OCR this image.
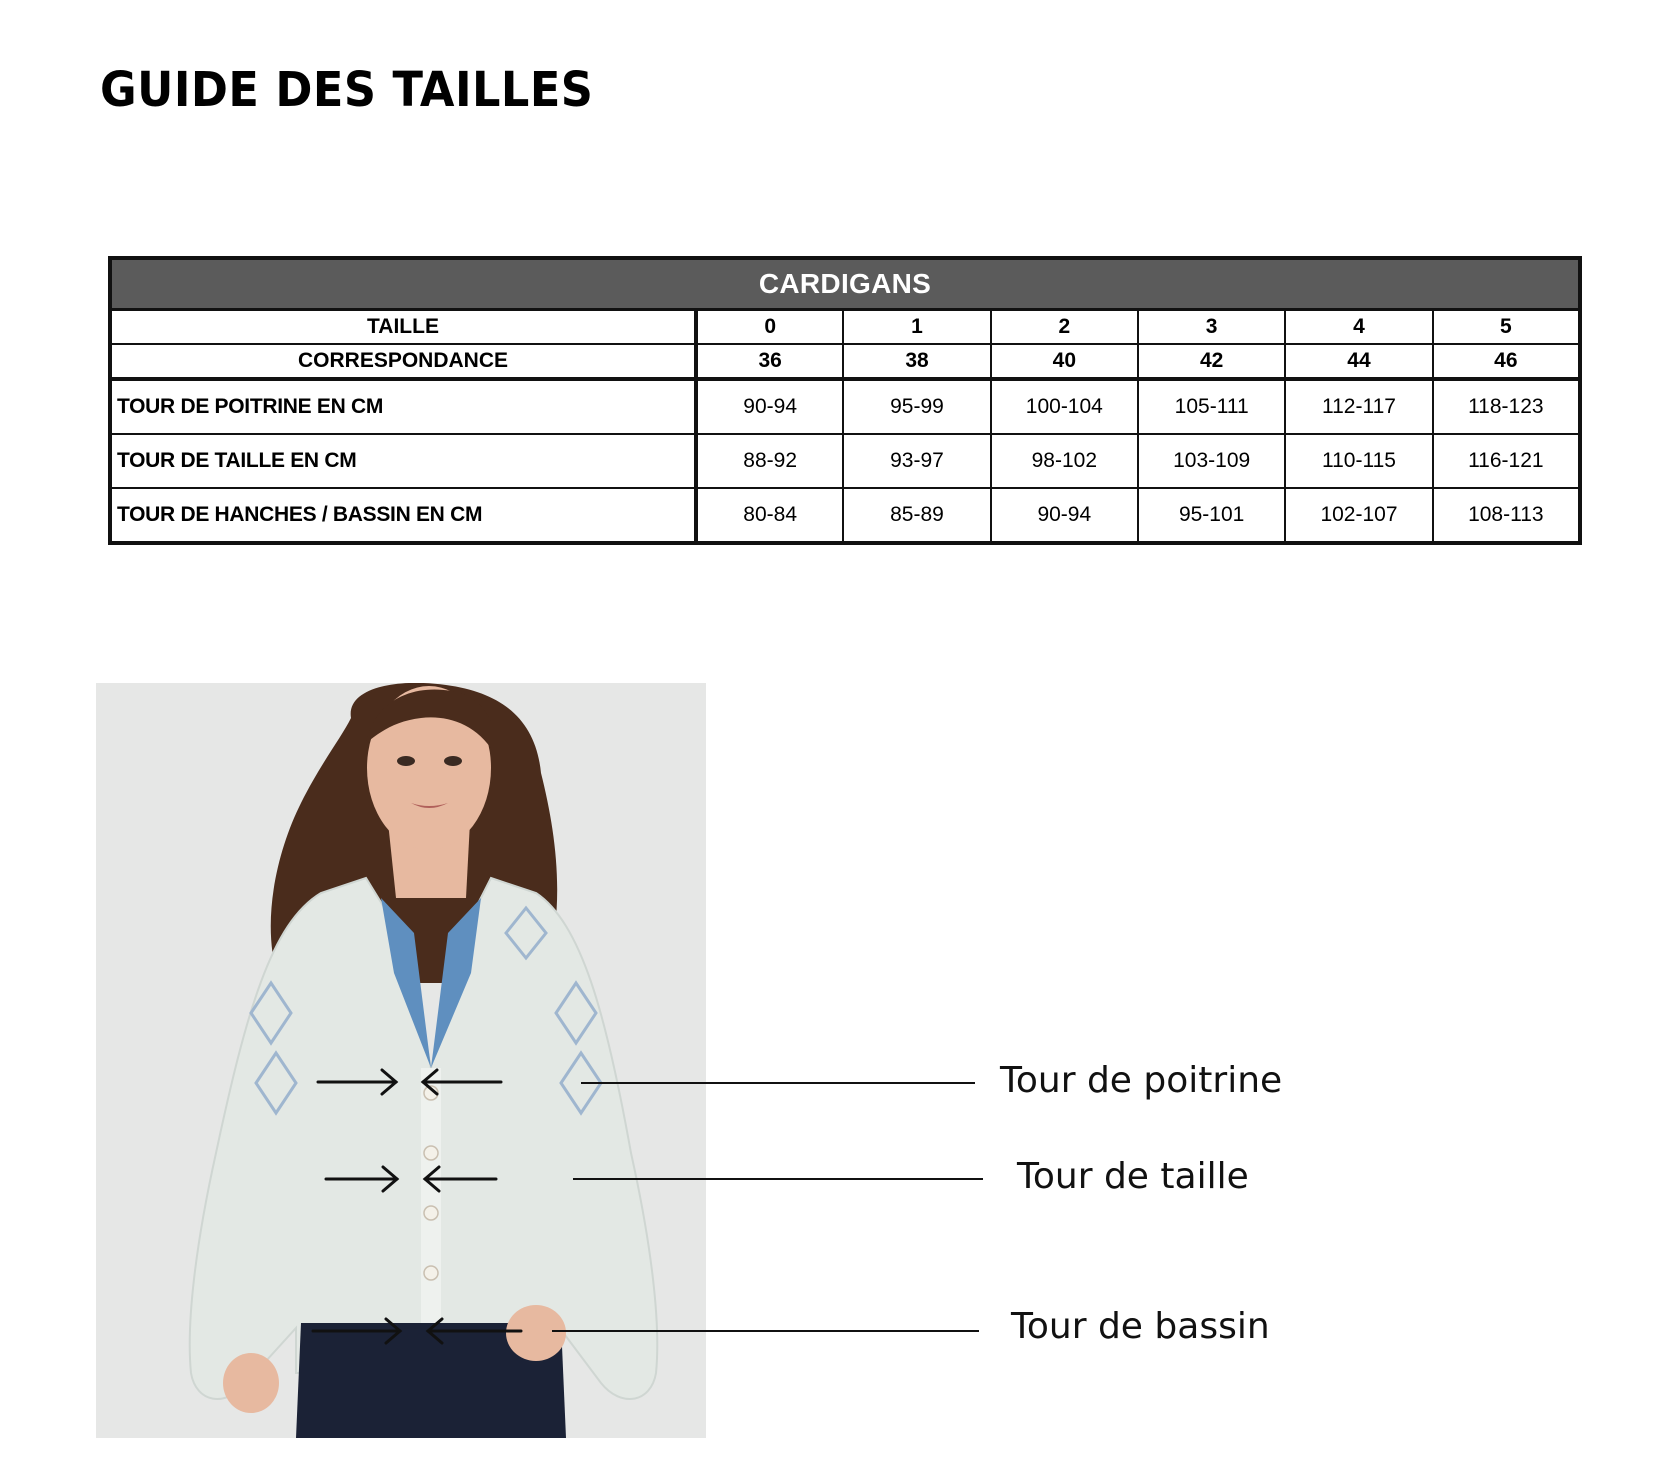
GUIDE DES TAILLES
CARDIGANS						
TAILLE	0	1	2	3	4	5
CORRESPONDANCE	36	38	40	42	44	46
TOUR DE POITRINE EN CM	90-94	95-99	100-104	105-111	112-117	118-123
TOUR DE TAILLE EN CM	88-92	93-97	98-102	103-109	110-115	116-121
TOUR DE HANCHES / BASSIN EN CM	80-84	85-89	90-94	95-101	102-107	108-113
Tour de poitrine
Tour de taille
Tour de bassin
